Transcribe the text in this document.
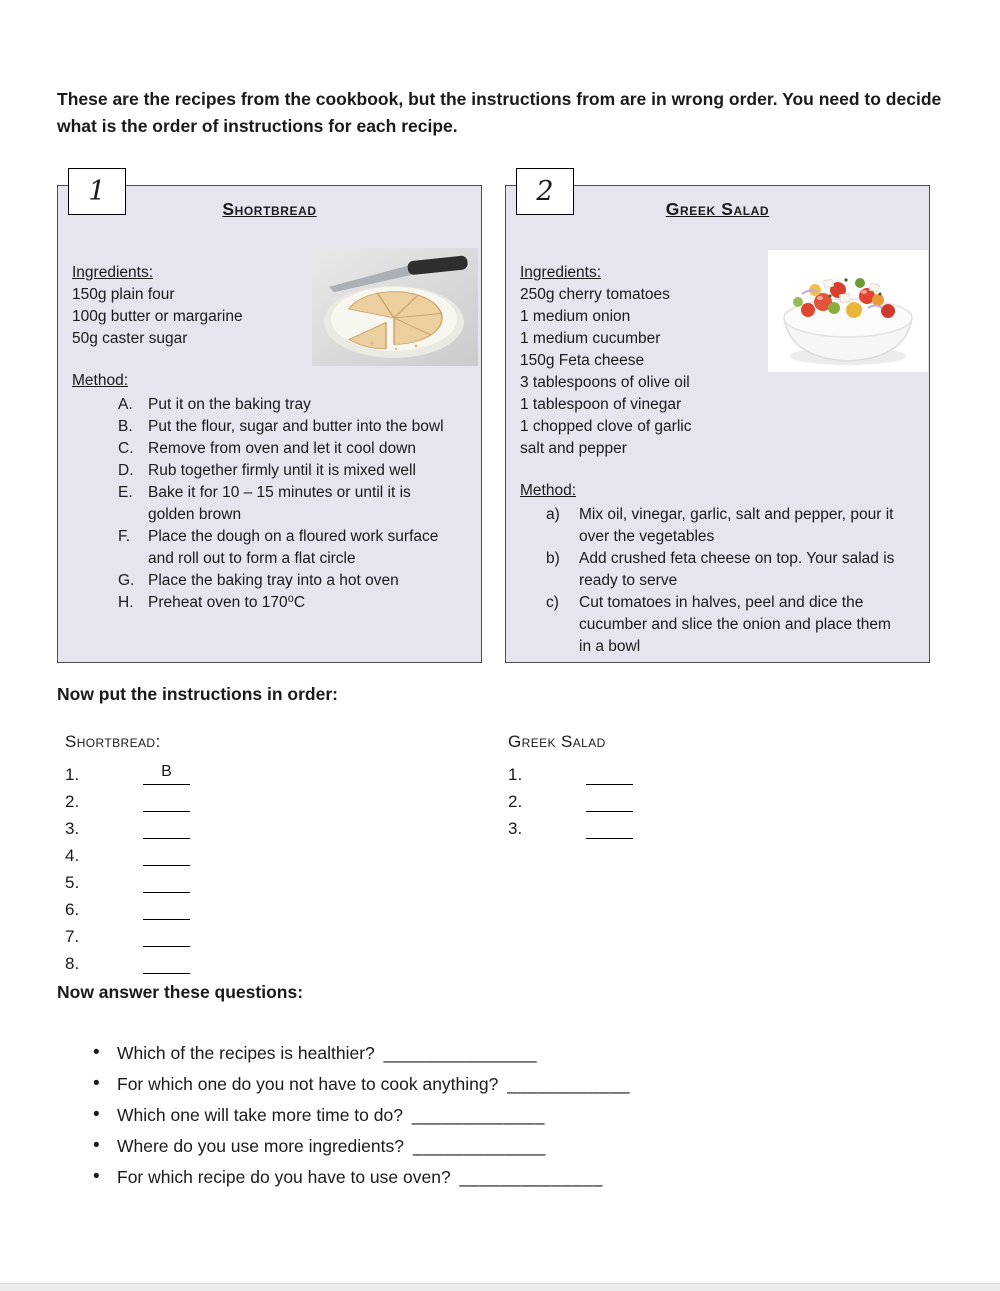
These are the recipes from the cookbook, but the instructions from are in wrong order. You need to decide what is the order of instructions for each recipe.

1
Shortbread
Ingredients:
150g plain four
100g butter or margarine
50g caster sugar
Method:
A. Put it on the baking tray
B. Put the flour, sugar and butter into the bowl
C. Remove from oven and let it cool down
D. Rub together firmly until it is mixed well
E. Bake it for 10 – 15 minutes or until it is golden brown
F.	Place the dough on a floured work surface and roll out to form a flat circle
G. Place the baking tray into a hot oven
H. Preheat oven to 170⁰C
2
Greek Salad
Ingredients:
250g cherry tomatoes
1 medium onion
1 medium cucumber
150g Feta cheese
3 tablespoons of olive oil
1 tablespoon of vinegar
1 chopped clove of garlic
salt and pepper
Method:
a)	Mix oil, vinegar, garlic, salt and pepper, pour it over the vegetables
b)	Add crushed feta cheese on top. Your salad is ready to serve
c)	Cut tomatoes in halves, peel and dice the cucumber and slice the onion and place them in a bowl
Now put the instructions in order:
Shortbread:
1.	B
2.
3.
4.
5.
6.
7.
8.
Greek Salad
1.
2.
3.
Now answer these questions:
•
Which of the recipes is healthier? _______________
•
For which one do you not have to cook anything? ____________
•
Which one will take more time to do? _____________
•
Where do you use more ingredients? _____________
•
For which recipe do you have to use oven? ______________
